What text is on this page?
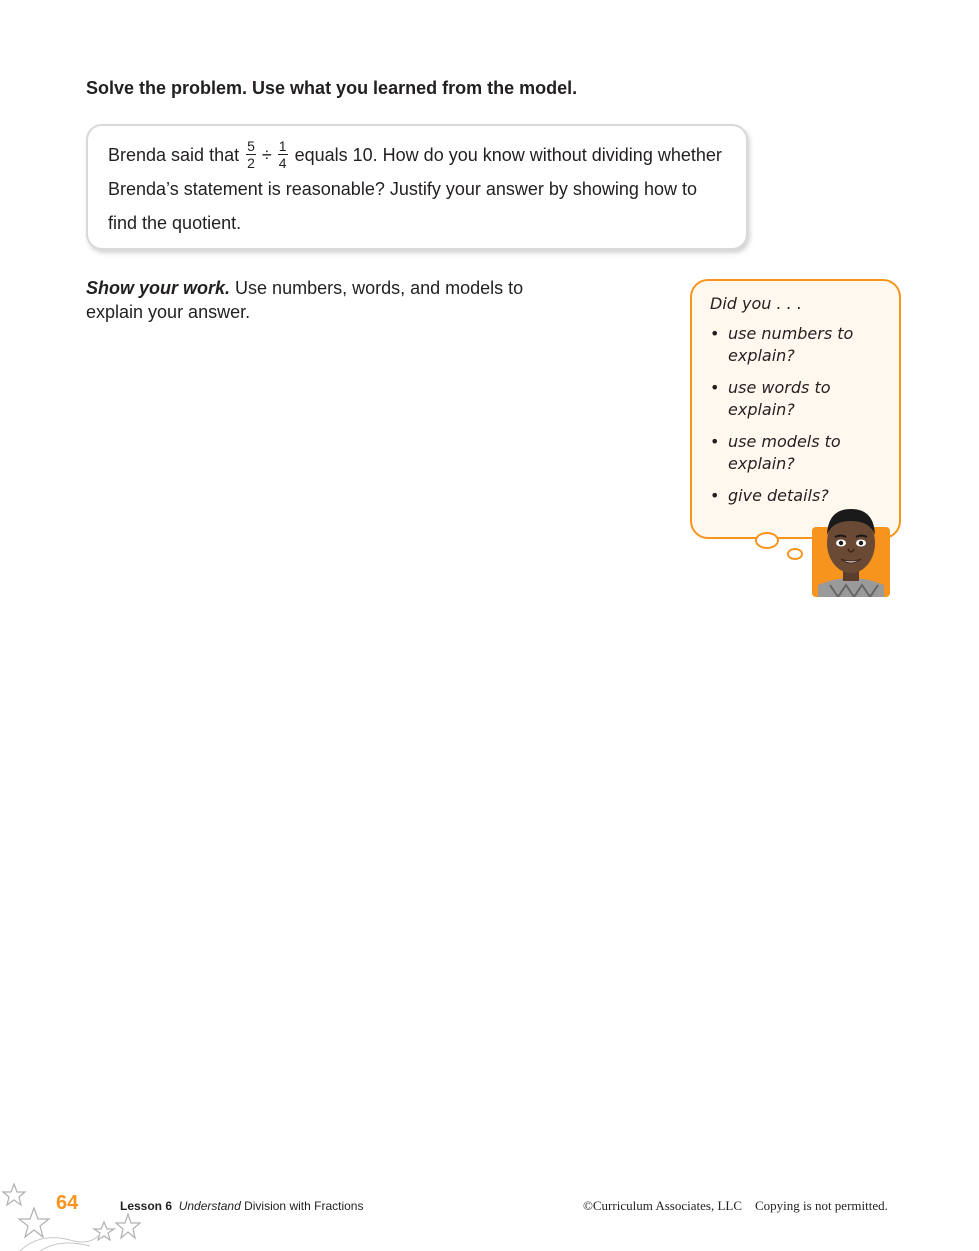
Solve the problem. Use what you learned from the model.

Brenda said that $\frac{5}{2} \div \frac{1}{4}$ equals 10. How do you know without dividing whether Brenda’s statement is reasonable? Justify your answer by showing how to find the quotient.

Show your work. Use numbers, words, and models to explain your answer.	Did you . . .

• use numbers to explain?
• use words to explain?
• use models to explain?
• give details?
64	Lesson 6 Understand Division with Fractions	©Curriculum Associates, LLC    Copying is not permitted.
